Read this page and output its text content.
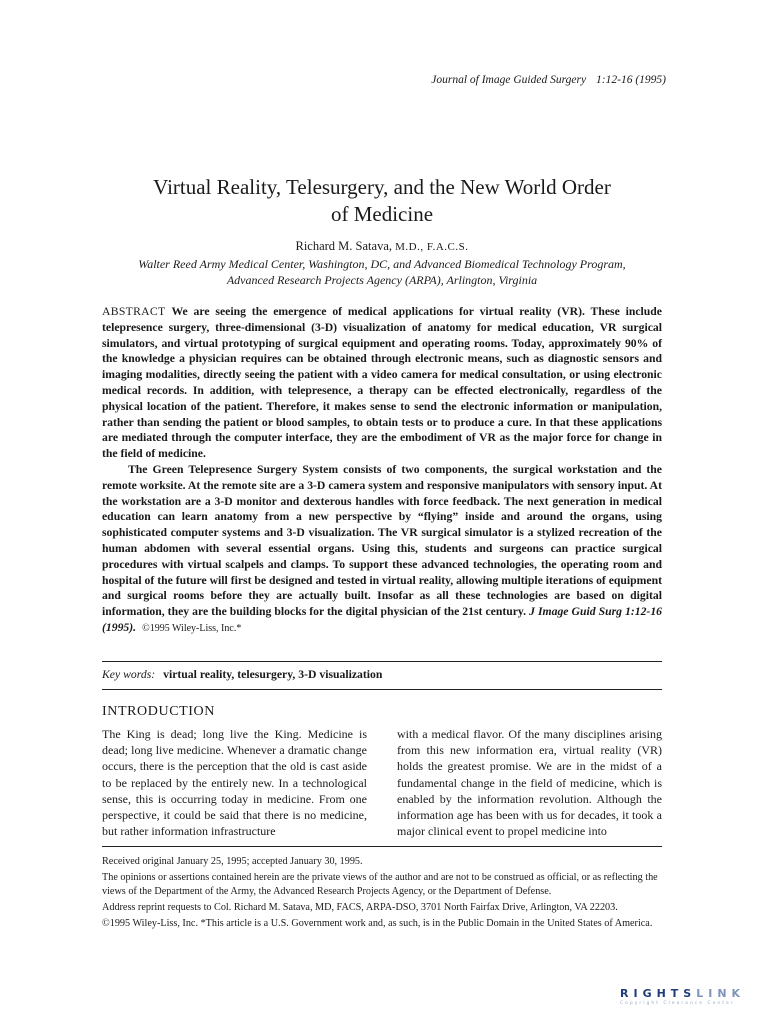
Journal of Image Guided Surgery 1:12-16 (1995)
Virtual Reality, Telesurgery, and the New World Order
of Medicine
Richard M. Satava, M.D., F.A.C.S.
Walter Reed Army Medical Center, Washington, DC, and Advanced Biomedical Technology Program,
Advanced Research Projects Agency (ARPA), Arlington, Virginia

ABSTRACT We are seeing the emergence of medical applications for virtual reality (VR). These include telepresence surgery, three-dimensional (3-D) visualization of anatomy for medical education, VR surgical simulators, and virtual prototyping of surgical equipment and operating rooms. Today, approximately 90% of the knowledge a physician requires can be obtained through electronic means, such as diagnostic sensors and imaging modalities, directly seeing the patient with a video camera for medical consultation, or using electronic medical records. In addition, with telepresence, a therapy can be effected electronically, regardless of the physical location of the patient. Therefore, it makes sense to send the electronic information or manipulation, rather than sending the patient or blood samples, to obtain tests or to produce a cure. In that these applications are mediated through the computer interface, they are the embodiment of VR as the major force for change in the field of medicine.

The Green Telepresence Surgery System consists of two components, the surgical workstation and the remote worksite. At the remote site are a 3-D camera system and responsive manipulators with sensory input. At the workstation are a 3-D monitor and dexterous handles with force feedback. The next generation in medical education can learn anatomy from a new perspective by “flying” inside and around the organs, using sophisticated computer systems and 3-D visualization. The VR surgical simulator is a stylized recreation of the human abdomen with several essential organs. Using this, students and surgeons can practice surgical procedures with virtual scalpels and clamps. To support these advanced technologies, the operating room and hospital of the future will first be designed and tested in virtual reality, allowing multiple iterations of equipment and surgical rooms before they are actually built. Insofar as all these technologies are based on digital information, they are the building blocks for the digital physician of the 21st century. J Image Guid Surg 1:12-16 (1995). ©1995 Wiley-Liss, Inc.*

Key words: virtual reality, telesurgery, 3-D visualization
INTRODUCTION

The King is dead; long live the King. Medicine is dead; long live medicine. Whenever a dramatic change occurs, there is the perception that the old is cast aside to be replaced by the entirely new. In a technological sense, this is occurring today in medicine. From one perspective, it could be said that there is no medicine, but rather information infrastructure

with a medical flavor. Of the many disciplines arising from this new information era, virtual reality (VR) holds the greatest promise. We are in the midst of a fundamental change in the field of medicine, which is enabled by the information revolution. Although the information age has been with us for decades, it took a major clinical event to propel medicine into

Received original January 25, 1995; accepted January 30, 1995.

The opinions or assertions contained herein are the private views of the author and are not to be construed as official, or as reflecting the views of the Department of the Army, the Advanced Research Projects Agency, or the Department of Defense.

Address reprint requests to Col. Richard M. Satava, MD, FACS, ARPA-DSO, 3701 North Fairfax Drive, Arlington, VA 22203.

©1995 Wiley-Liss, Inc. *This article is a U.S. Government work and, as such, is in the Public Domain in the United States of America.

RIGHTSLINK
Copyright Clearance Center
